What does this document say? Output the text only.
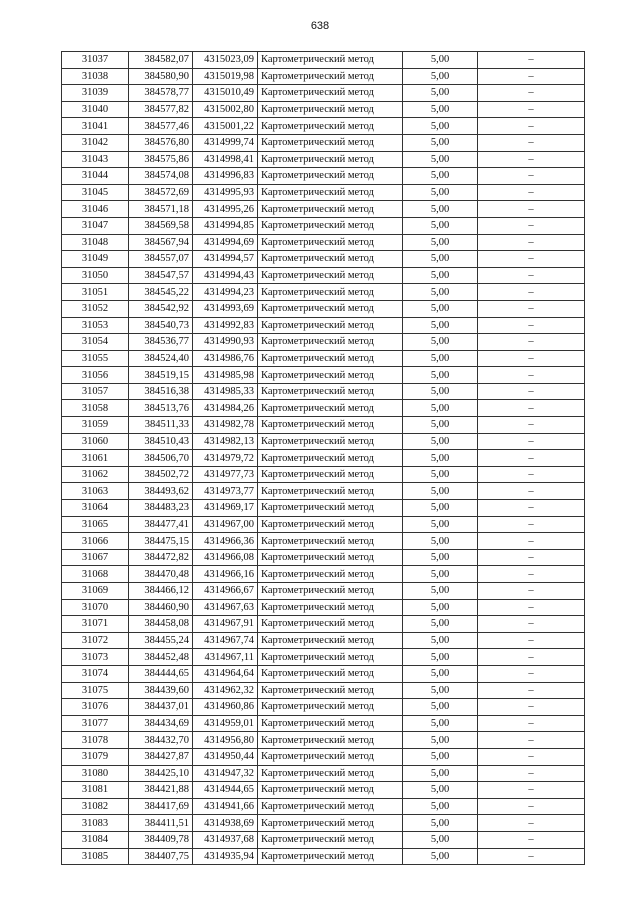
638
31037	384582,07	4315023,09	Картометрический метод	5,00	–
31038	384580,90	4315019,98	Картометрический метод	5,00	–
31039	384578,77	4315010,49	Картометрический метод	5,00	–
31040	384577,82	4315002,80	Картометрический метод	5,00	–
31041	384577,46	4315001,22	Картометрический метод	5,00	–
31042	384576,80	4314999,74	Картометрический метод	5,00	–
31043	384575,86	4314998,41	Картометрический метод	5,00	–
31044	384574,08	4314996,83	Картометрический метод	5,00	–
31045	384572,69	4314995,93	Картометрический метод	5,00	–
31046	384571,18	4314995,26	Картометрический метод	5,00	–
31047	384569,58	4314994,85	Картометрический метод	5,00	–
31048	384567,94	4314994,69	Картометрический метод	5,00	–
31049	384557,07	4314994,57	Картометрический метод	5,00	–
31050	384547,57	4314994,43	Картометрический метод	5,00	–
31051	384545,22	4314994,23	Картометрический метод	5,00	–
31052	384542,92	4314993,69	Картометрический метод	5,00	–
31053	384540,73	4314992,83	Картометрический метод	5,00	–
31054	384536,77	4314990,93	Картометрический метод	5,00	–
31055	384524,40	4314986,76	Картометрический метод	5,00	–
31056	384519,15	4314985,98	Картометрический метод	5,00	–
31057	384516,38	4314985,33	Картометрический метод	5,00	–
31058	384513,76	4314984,26	Картометрический метод	5,00	–
31059	384511,33	4314982,78	Картометрический метод	5,00	–
31060	384510,43	4314982,13	Картометрический метод	5,00	–
31061	384506,70	4314979,72	Картометрический метод	5,00	–
31062	384502,72	4314977,73	Картометрический метод	5,00	–
31063	384493,62	4314973,77	Картометрический метод	5,00	–
31064	384483,23	4314969,17	Картометрический метод	5,00	–
31065	384477,41	4314967,00	Картометрический метод	5,00	–
31066	384475,15	4314966,36	Картометрический метод	5,00	–
31067	384472,82	4314966,08	Картометрический метод	5,00	–
31068	384470,48	4314966,16	Картометрический метод	5,00	–
31069	384466,12	4314966,67	Картометрический метод	5,00	–
31070	384460,90	4314967,63	Картометрический метод	5,00	–
31071	384458,08	4314967,91	Картометрический метод	5,00	–
31072	384455,24	4314967,74	Картометрический метод	5,00	–
31073	384452,48	4314967,11	Картометрический метод	5,00	–
31074	384444,65	4314964,64	Картометрический метод	5,00	–
31075	384439,60	4314962,32	Картометрический метод	5,00	–
31076	384437,01	4314960,86	Картометрический метод	5,00	–
31077	384434,69	4314959,01	Картометрический метод	5,00	–
31078	384432,70	4314956,80	Картометрический метод	5,00	–
31079	384427,87	4314950,44	Картометрический метод	5,00	–
31080	384425,10	4314947,32	Картометрический метод	5,00	–
31081	384421,88	4314944,65	Картометрический метод	5,00	–
31082	384417,69	4314941,66	Картометрический метод	5,00	–
31083	384411,51	4314938,69	Картометрический метод	5,00	–
31084	384409,78	4314937,68	Картометрический метод	5,00	–
31085	384407,75	4314935,94	Картометрический метод	5,00	–
